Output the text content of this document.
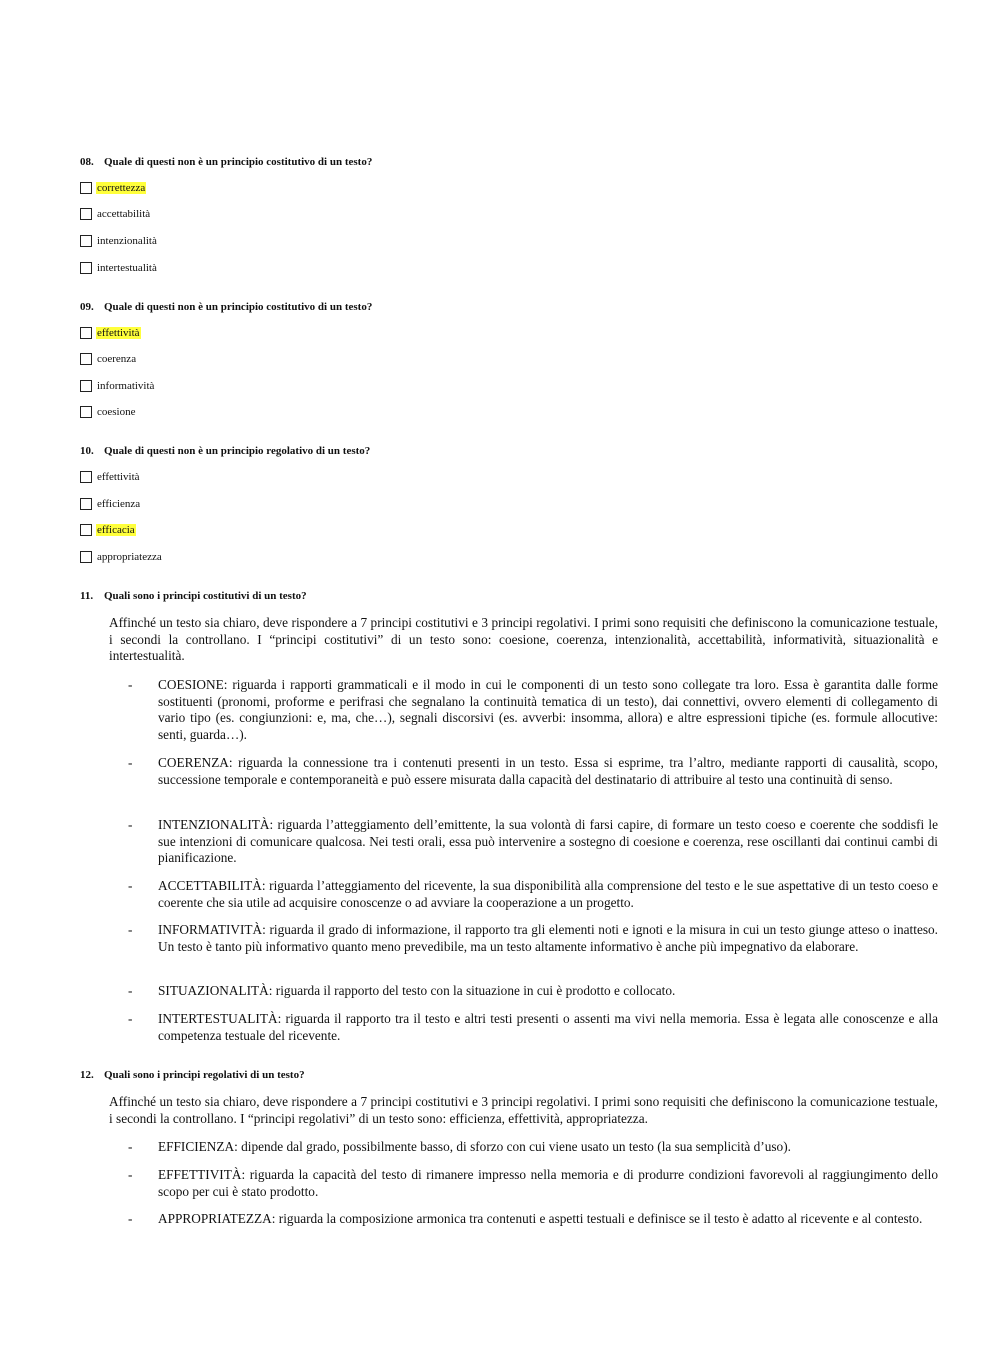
08. Quale di questi non è un principio costitutivo di un testo?
correttezza
accettabilità
intenzionalità
intertestualità
09. Quale di questi non è un principio costitutivo di un testo?
effettività
coerenza
informatività
coesione
10. Quale di questi non è un principio regolativo di un testo?
effettività
efficienza
efficacia
appropriatezza
11. Quali sono i principi costitutivi di un testo?
Affinché un testo sia chiaro, deve rispondere a 7 principi costitutivi e 3 principi regolativi. I primi sono requisiti che definiscono la comunicazione testuale, i secondi la controllano. I “principi costitutivi” di un testo sono: coesione, coerenza, intenzionalità, accettabilità, informatività, situazionalità e intertestualità.
- COESIONE: riguarda i rapporti grammaticali e il modo in cui le componenti di un testo sono collegate tra loro. Essa è garantita dalle forme sostituenti (pronomi, proforme e perifrasi che segnalano la continuità tematica di un testo), dai connettivi, ovvero elementi di collegamento di vario tipo (es. congiunzioni: e, ma, che…), segnali discorsivi (es. avverbi: insomma, allora) e altre espressioni tipiche (es. formule allocutive: senti, guarda…).
- COERENZA: riguarda la connessione tra i contenuti presenti in un testo. Essa si esprime, tra l’altro, mediante rapporti di causalità, scopo, successione temporale e contemporaneità e può essere misurata dalla capacità del destinatario di attribuire al testo una continuità di senso.
- INTENZIONALITÀ: riguarda l’atteggiamento dell’emittente, la sua volontà di farsi capire, di formare un testo coeso e coerente che soddisfi le sue intenzioni di comunicare qualcosa. Nei testi orali, essa può intervenire a sostegno di coesione e coerenza, rese oscillanti dai continui cambi di pianificazione.
- ACCETTABILITÀ: riguarda l’atteggiamento del ricevente, la sua disponibilità alla comprensione del testo e le sue aspettative di un testo coeso e coerente che sia utile ad acquisire conoscenze o ad avviare la cooperazione a un progetto.
- INFORMATIVITÀ: riguarda il grado di informazione, il rapporto tra gli elementi noti e ignoti e la misura in cui un testo giunge atteso o inatteso. Un testo è tanto più informativo quanto meno prevedibile, ma un testo altamente informativo è anche più impegnativo da elaborare.
- SITUAZIONALITÀ: riguarda il rapporto del testo con la situazione in cui è prodotto e collocato.
- INTERTESTUALITÀ: riguarda il rapporto tra il testo e altri testi presenti o assenti ma vivi nella memoria. Essa è legata alle conoscenze e alla competenza testuale del ricevente.
12. Quali sono i principi regolativi di un testo?
Affinché un testo sia chiaro, deve rispondere a 7 principi costitutivi e 3 principi regolativi. I primi sono requisiti che definiscono la comunicazione testuale, i secondi la controllano. I “principi regolativi” di un testo sono: efficienza, effettività, appropriatezza.
- EFFICIENZA: dipende dal grado, possibilmente basso, di sforzo con cui viene usato un testo (la sua semplicità d’uso).
- EFFETTIVITÀ: riguarda la capacità del testo di rimanere impresso nella memoria e di produrre condizioni favorevoli al raggiungimento dello scopo per cui è stato prodotto.
- APPROPRIATEZZA: riguarda la composizione armonica tra contenuti e aspetti testuali e definisce se il testo è adatto al ricevente e al contesto.
